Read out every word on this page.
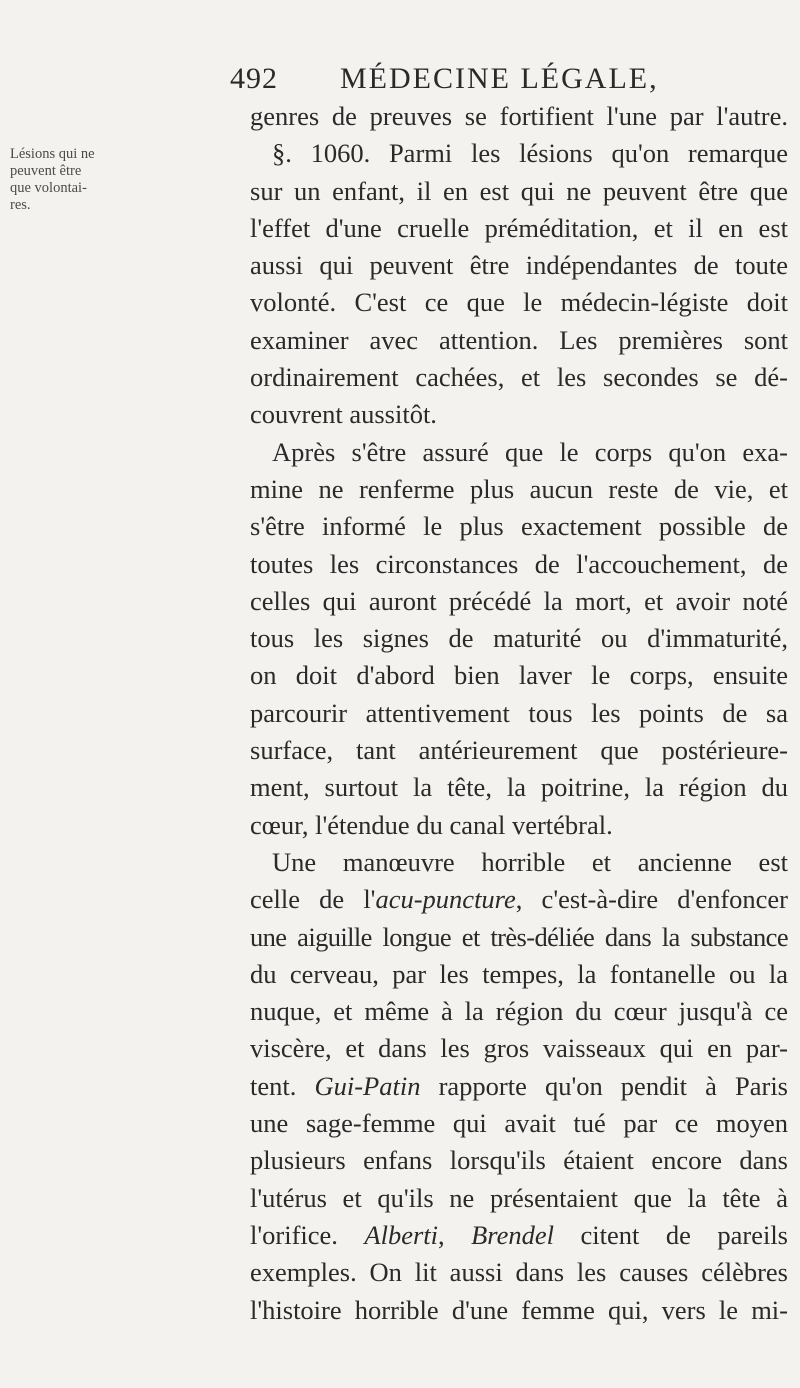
492 MÉDECINE LÉGALE,
Lésions qui ne
peuvent être
que volontai-
res.
genres de preuves se fortifient l'une par l'autre.
§. 1060. Parmi les lésions qu'on remarque
sur un enfant, il en est qui ne peuvent être que
l'effet d'une cruelle préméditation, et il en est
aussi qui peuvent être indépendantes de toute
volonté. C'est ce que le médecin-légiste doit
examiner avec attention. Les premières sont
ordinairement cachées, et les secondes se dé-
couvrent aussitôt.
Après s'être assuré que le corps qu'on exa-
mine ne renferme plus aucun reste de vie, et
s'être informé le plus exactement possible de
toutes les circonstances de l'accouchement, de
celles qui auront précédé la mort, et avoir noté
tous les signes de maturité ou d'immaturité,
on doit d'abord bien laver le corps, ensuite
parcourir attentivement tous les points de sa
surface, tant antérieurement que postérieure-
ment, surtout la tête, la poitrine, la région du
cœur, l'étendue du canal vertébral.
Une manœuvre horrible et ancienne est
celle de l'acu-puncture, c'est-à-dire d'enfoncer
une aiguille longue et très-déliée dans la substance
du cerveau, par les tempes, la fontanelle ou la
nuque, et même à la région du cœur jusqu'à ce
viscère, et dans les gros vaisseaux qui en par-
tent. Gui-Patin rapporte qu'on pendit à Paris
une sage-femme qui avait tué par ce moyen
plusieurs enfans lorsqu'ils étaient encore dans
l'utérus et qu'ils ne présentaient que la tête à
l'orifice. Alberti, Brendel citent de pareils
exemples. On lit aussi dans les causes célèbres
l'histoire horrible d'une femme qui, vers le mi-
